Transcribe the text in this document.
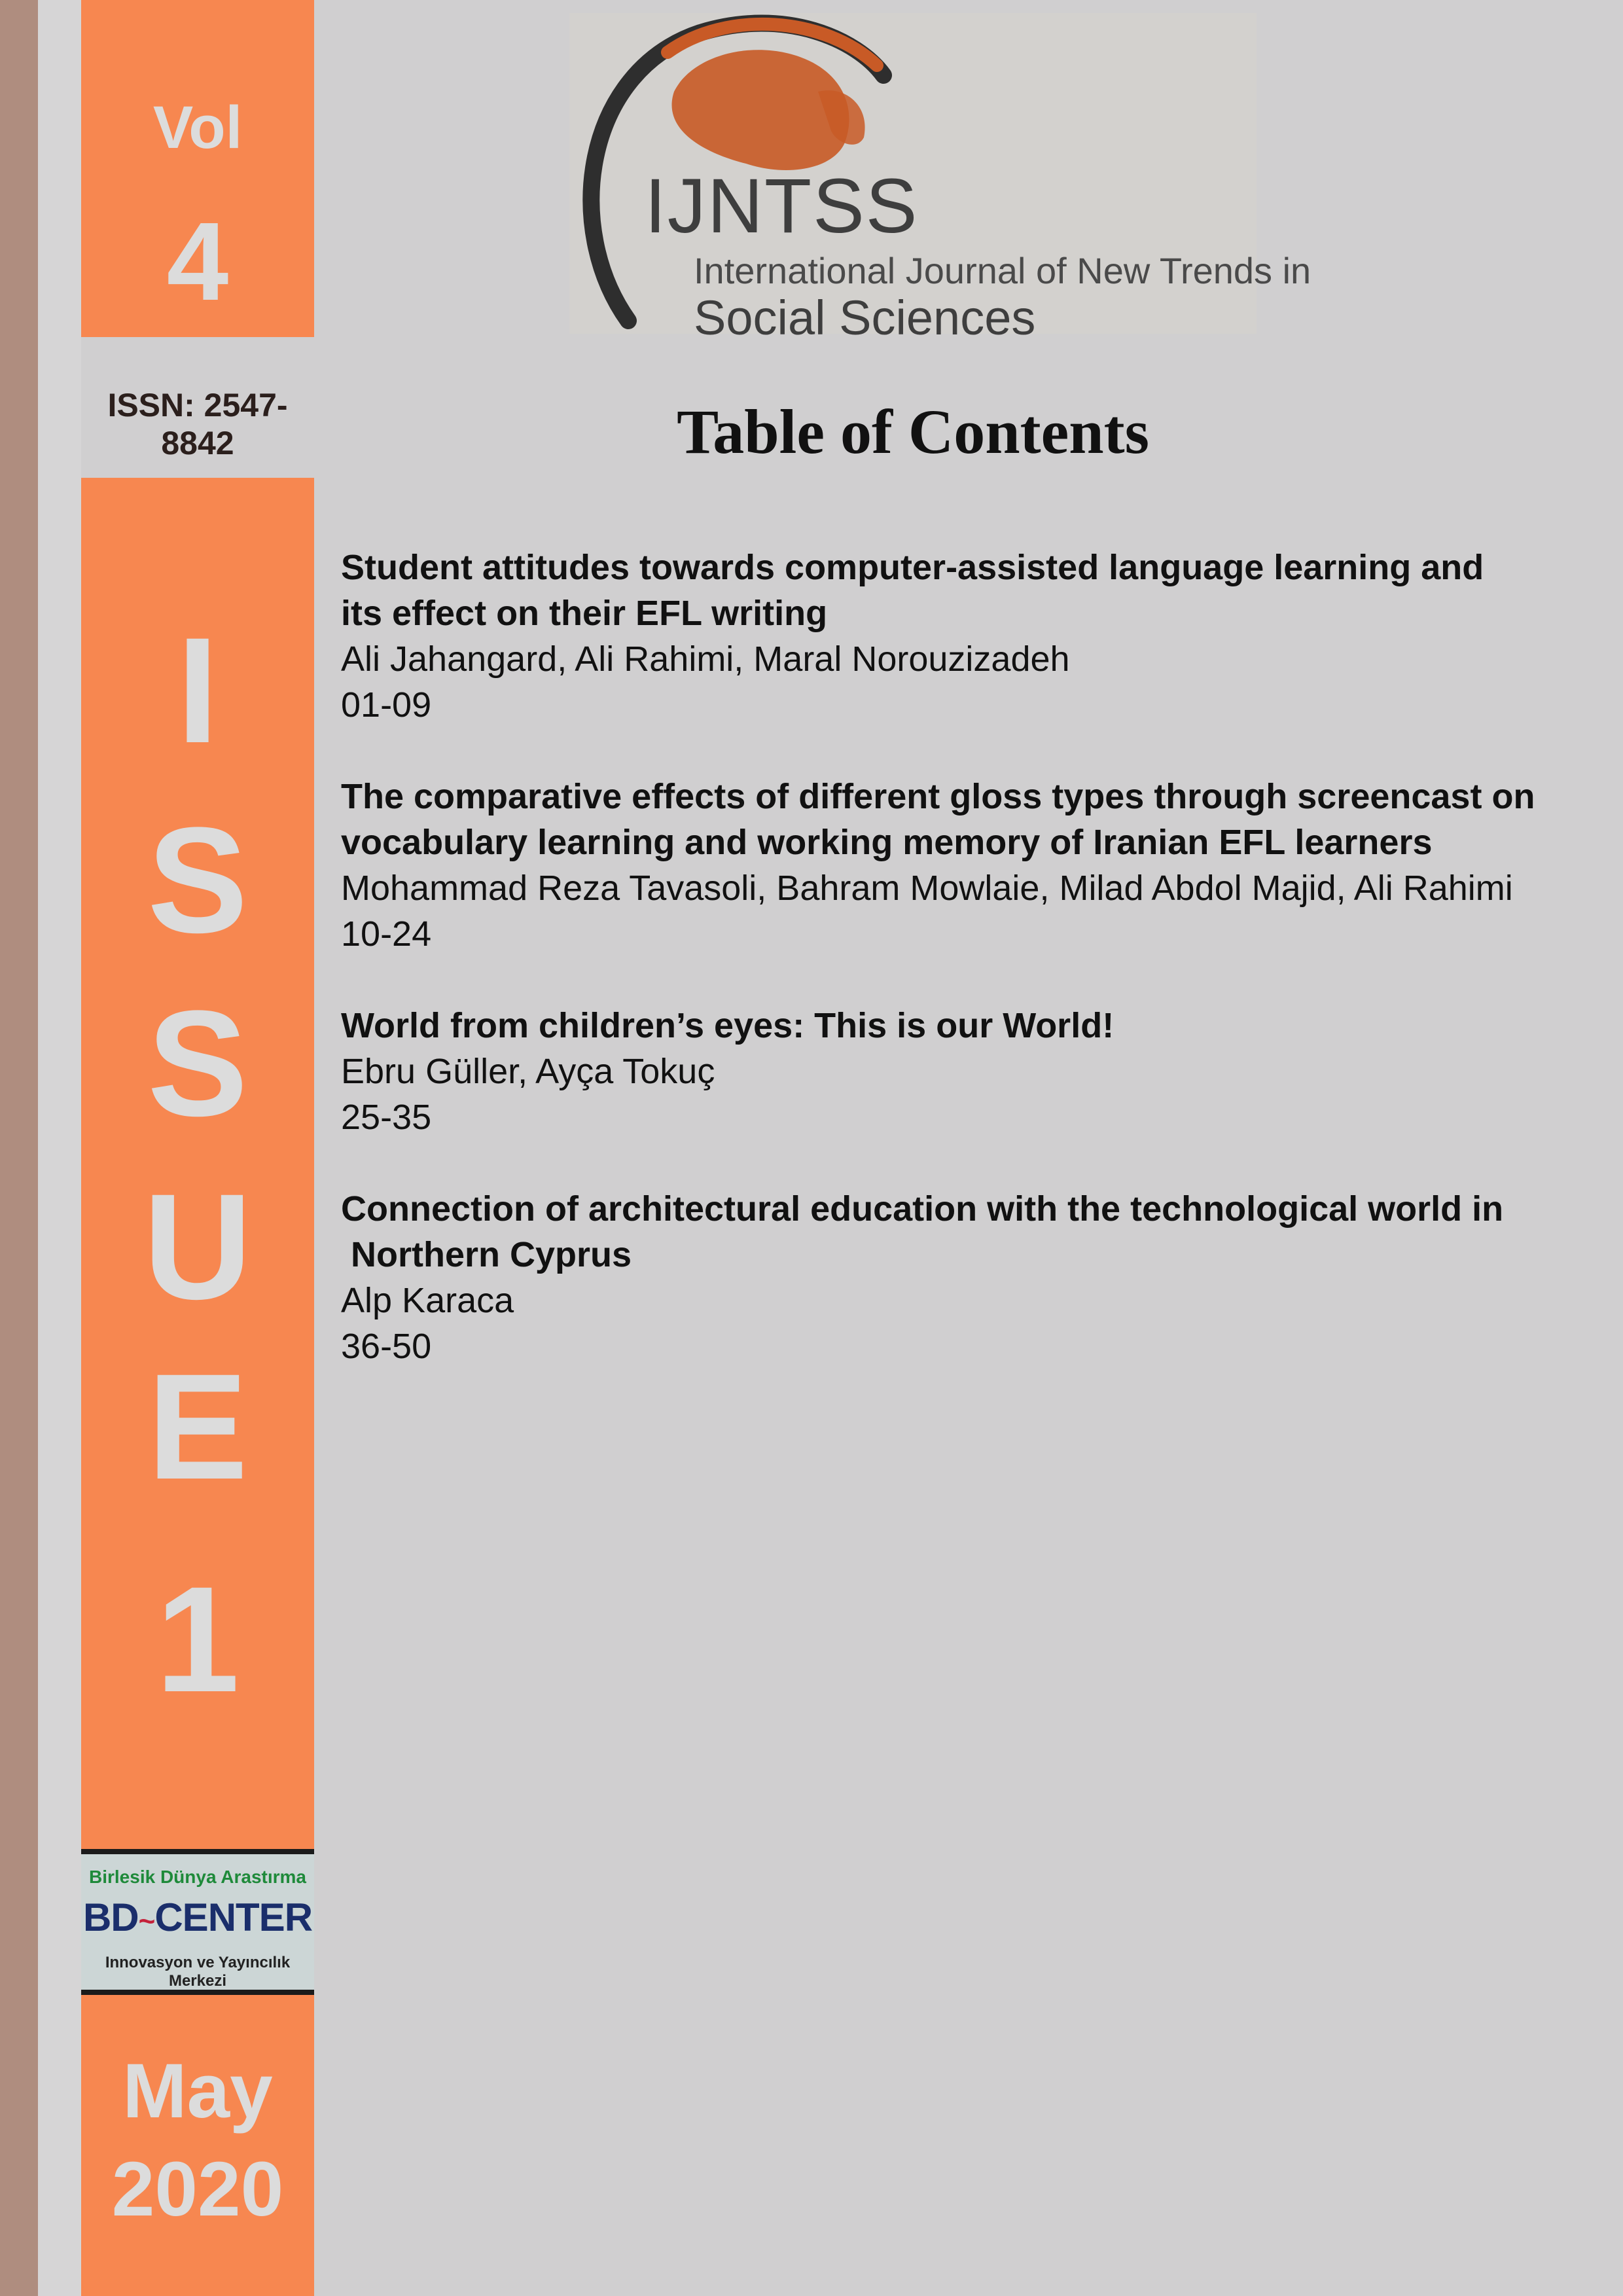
Vol
4
ISSN: 2547-8842
I
S
S
U
E
1
Birlesik Dünya Arastırma
BD~CENTER
Innovasyon ve Yayıncılık Merkezi
May
2020
IJNTSS
International Journal of New Trends in
Social Sciences
Table of Contents
Student attitudes towards computer-assisted language learning and
its effect on their EFL writing
Ali Jahangard, Ali Rahimi, Maral Norouzizadeh
01-09
The comparative effects of different gloss types through screencast on
vocabulary learning and working memory of Iranian EFL learners
Mohammad Reza Tavasoli, Bahram Mowlaie, Milad Abdol Majid, Ali Rahimi
10-24
World from children’s eyes: This is our World!
Ebru Güller, Ayça Tokuç
25-35
Connection of architectural education with the technological world in
Northern Cyprus
Alp Karaca
36-50
